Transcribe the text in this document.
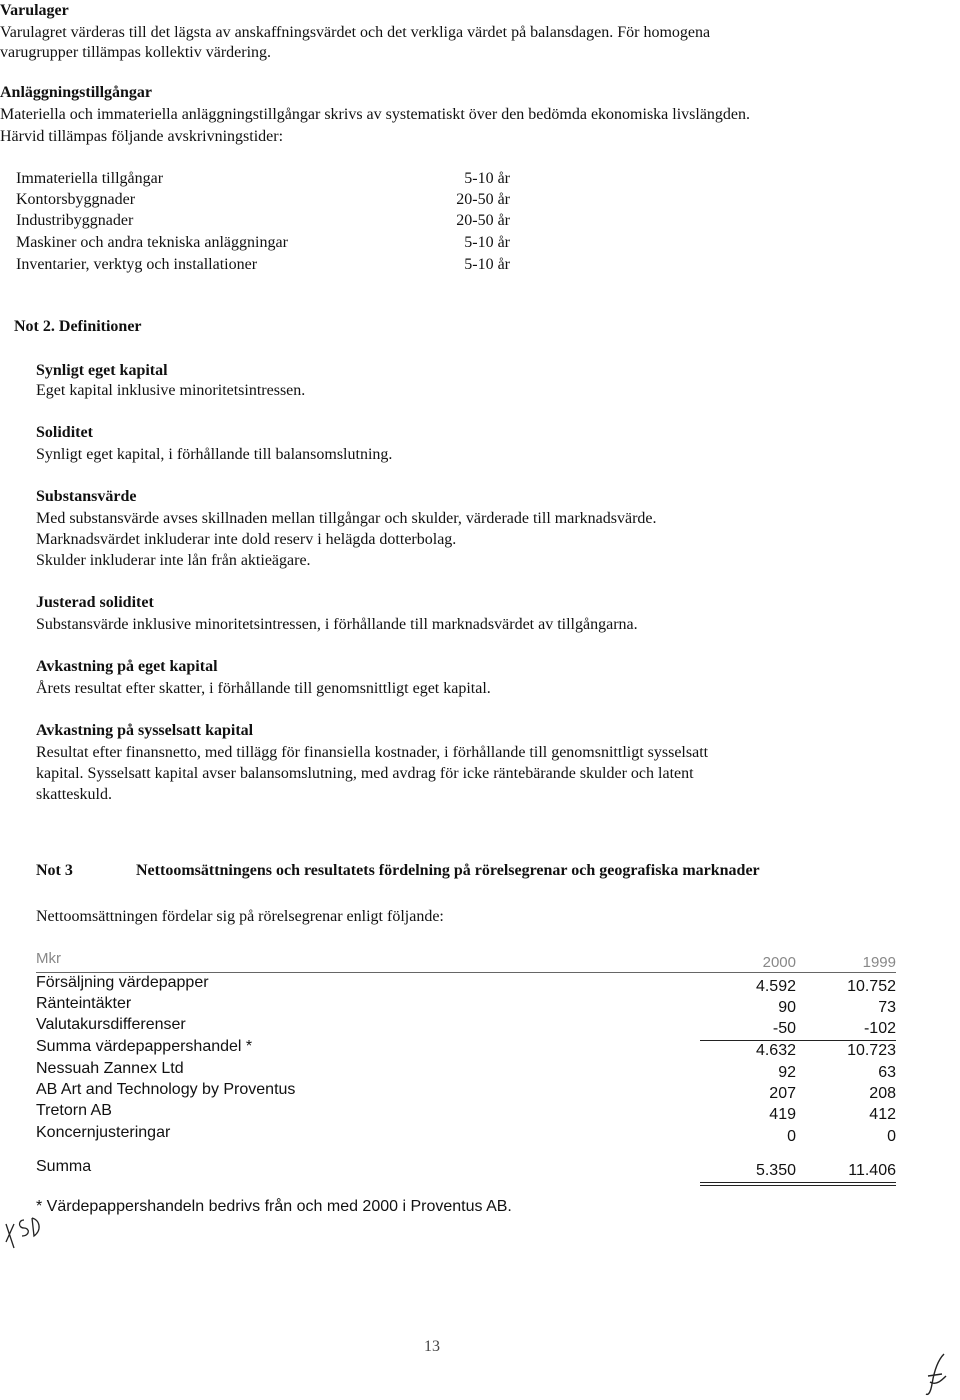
Varulager
Varulagret värderas till det lägsta av anskaffningsvärdet och det verkliga värdet på balansdagen. För homogena
varugrupper tillämpas kollektiv värdering.
Anläggningstillgångar
Materiella och immateriella anläggningstillgångar skrivs av systematiskt över den bedömda ekonomiska livslängden.
Härvid tillämpas följande avskrivningstider:
Immateriella tillgångar	5-10 år
Kontorsbyggnader	20-50 år
Industribyggnader	20-50 år
Maskiner och andra tekniska anläggningar	5-10 år
Inventarier, verktyg och installationer	5-10 år
Not 2. Definitioner
Synligt eget kapital
Eget kapital inklusive minoritetsintressen.
Soliditet
Synligt eget kapital, i förhållande till balansomslutning.
Substansvärde
Med substansvärde avses skillnaden mellan tillgångar och skulder, värderade till marknadsvärde.
Marknadsvärdet inkluderar inte dold reserv i helägda dotterbolag.
Skulder inkluderar inte lån från aktieägare.
Justerad soliditet
Substansvärde inklusive minoritetsintressen, i förhållande till marknadsvärdet av tillgångarna.
Avkastning på eget kapital
Årets resultat efter skatter, i förhållande till genomsnittligt eget kapital.
Avkastning på sysselsatt kapital
Resultat efter finansnetto, med tillägg för finansiella kostnader, i förhållande till genomsnittligt sysselsatt
kapital. Sysselsatt kapital avser balansomslutning, med avdrag för icke räntebärande skulder och latent
skatteskuld.
Not 3	Nettoomsättningens och resultatets fördelning på rörelsegrenar och geografiska marknader
Nettoomsättningen fördelar sig på rörelsegrenar enligt följande:
Mkr	2000	1999
Försäljning värdepapper	4.592	10.752
Ränteintäkter	90	73
Valutakursdifferenser	-50	-102
Summa värdepappershandel *	4.632	10.723
Nessuah Zannex Ltd	92	63
AB Art and Technology by Proventus	207	208
Tretorn AB	419	412
Koncernjusteringar	0	0
Summa	5.350	11.406
* Värdepappershandeln bedrivs från och med 2000 i Proventus AB.
13
